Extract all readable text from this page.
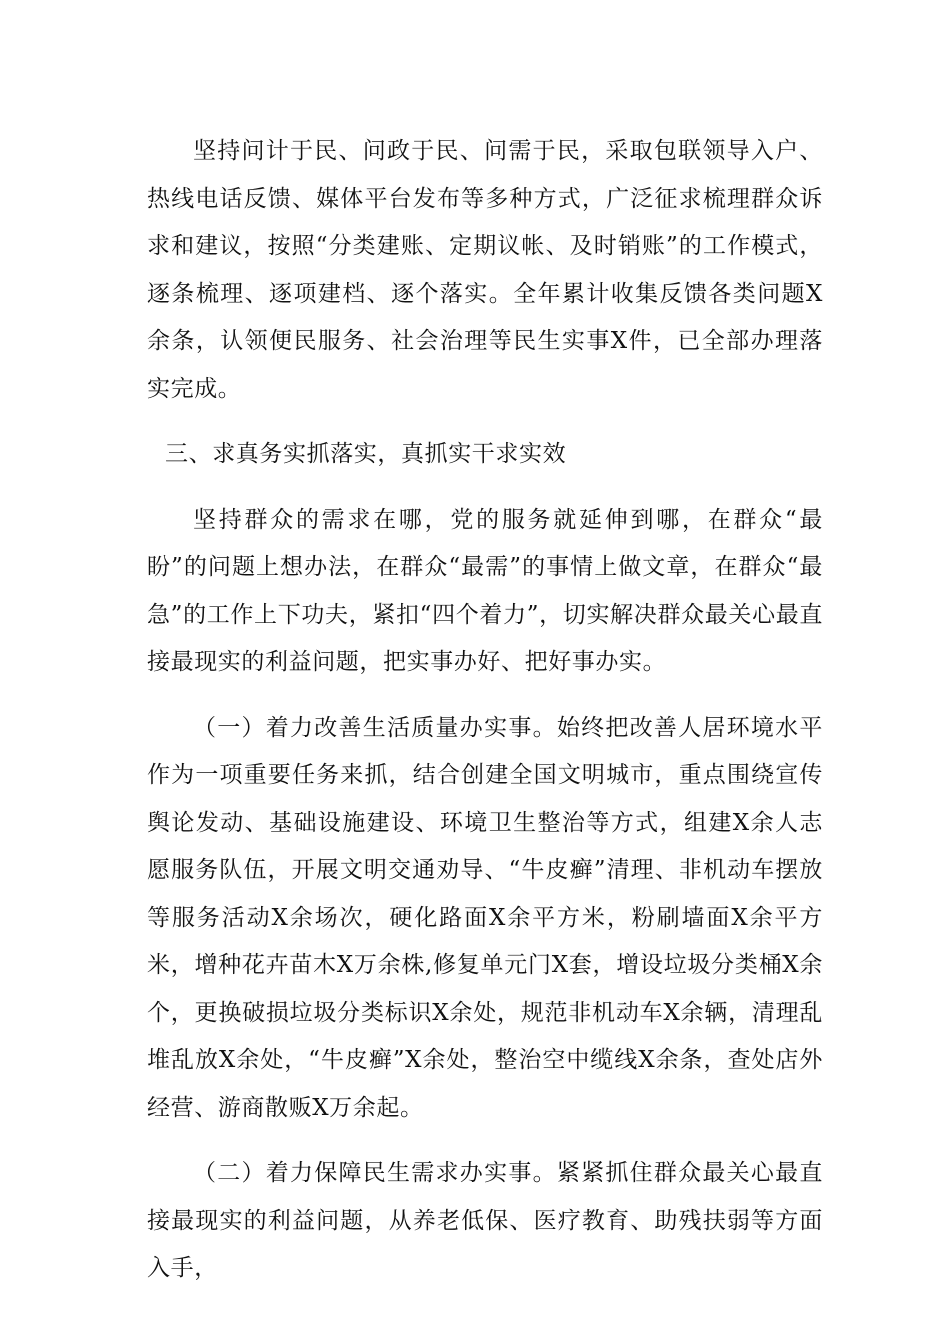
坚持问计于民、问政于民、问需于民，采取包联领导入户、热线电话反馈、媒体平台发布等多种方式，广泛征求梳理群众诉求和建议，按照“分类建账、定期议帐、及时销账”的工作模式，逐条梳理、逐项建档、逐个落实。全年累计收集反馈各类问题X余条，认领便民服务、社会治理等民生实事X件，已全部办理落实完成。

三、求真务实抓落实，真抓实干求实效

坚持群众的需求在哪，党的服务就延伸到哪，在群众“最盼”的问题上想办法，在群众“最需”的事情上做文章，在群众“最急”的工作上下功夫，紧扣“四个着力”，切实解决群众最关心最直接最现实的利益问题，把实事办好、把好事办实。

（一）着力改善生活质量办实事。始终把改善人居环境水平作为一项重要任务来抓，结合创建全国文明城市，重点围绕宣传舆论发动、基础设施建设、环境卫生整治等方式，组建X余人志愿服务队伍，开展文明交通劝导、“牛皮癣”清理、非机动车摆放等服务活动X余场次，硬化路面X余平方米，粉刷墙面X余平方米，增种花卉苗木X万余株,修复单元门X套，增设垃圾分类桶X余个，更换破损垃圾分类标识X余处，规范非机动车X余辆，清理乱堆乱放X余处，“牛皮癣”X余处，整治空中缆线X余条，查处店外经营、游商散贩X万余起。

（二）着力保障民生需求办实事。紧紧抓住群众最关心最直接最现实的利益问题，从养老低保、医疗教育、助残扶弱等方面入手，
